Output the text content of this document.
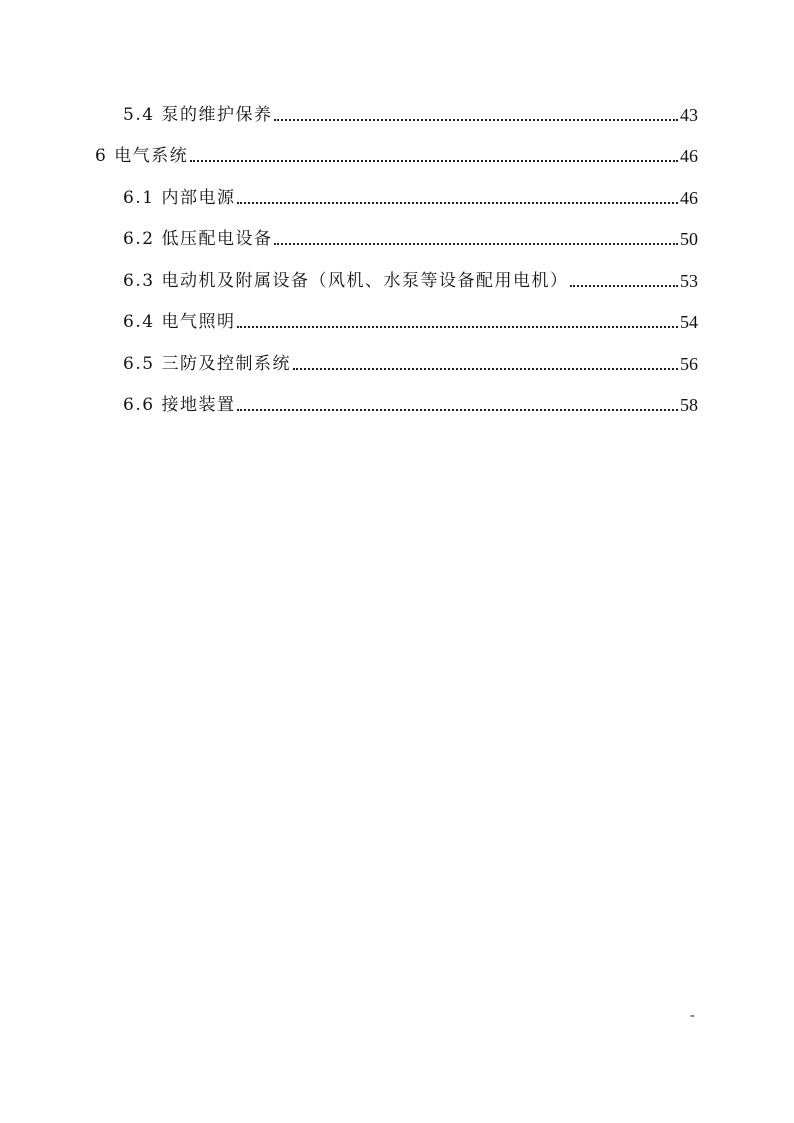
5.4 泵的维护保养	43
6 电气系统	46
6.1 内部电源	46
6.2 低压配电设备	50
6.3 电动机及附属设备（风机、水泵等设备配用电机）	53
6.4 电气照明	54
6.5 三防及控制系统	56
6.6 接地装置	58
-
